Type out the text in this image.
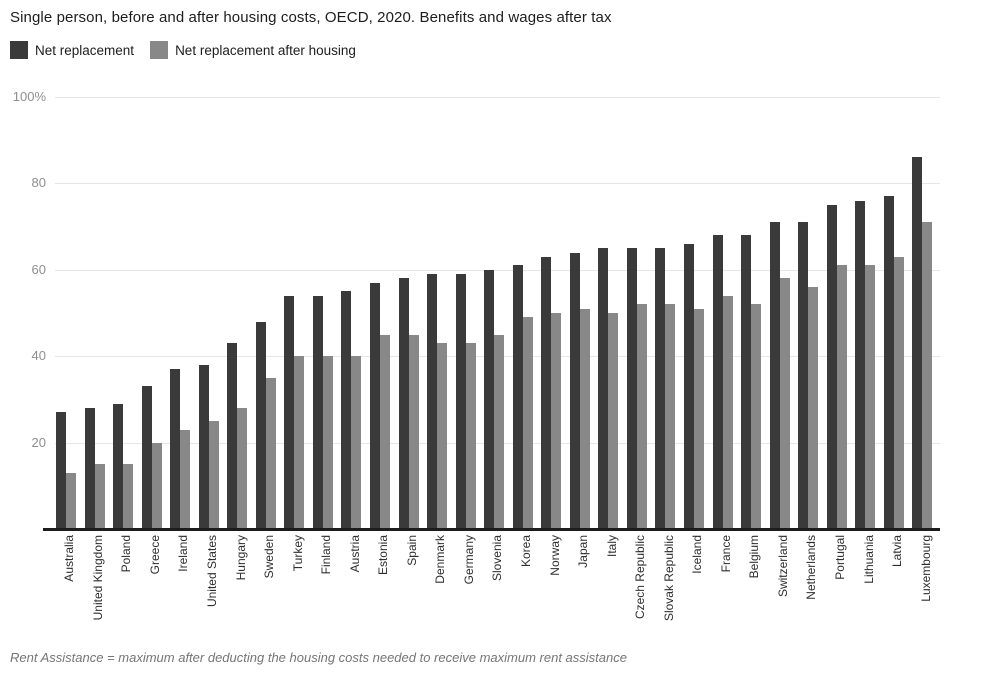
Single person, before and after housing costs, OECD, 2020. Benefits and wages after tax
Net replacement	Net replacement after housing
20
40
60
80
100%
Australia United Kingdom Poland Greece Ireland United States Hungary Sweden Turkey Finland Austria Estonia Spain Denmark Germany Slovenia Korea Norway Japan Italy Czech Republic Slovak Republic Iceland France Belgium Switzerland Netherlands Portugal Lithuania Latvia Luxembourg
Rent Assistance = maximum after deducting the housing costs needed to receive maximum rent assistance
